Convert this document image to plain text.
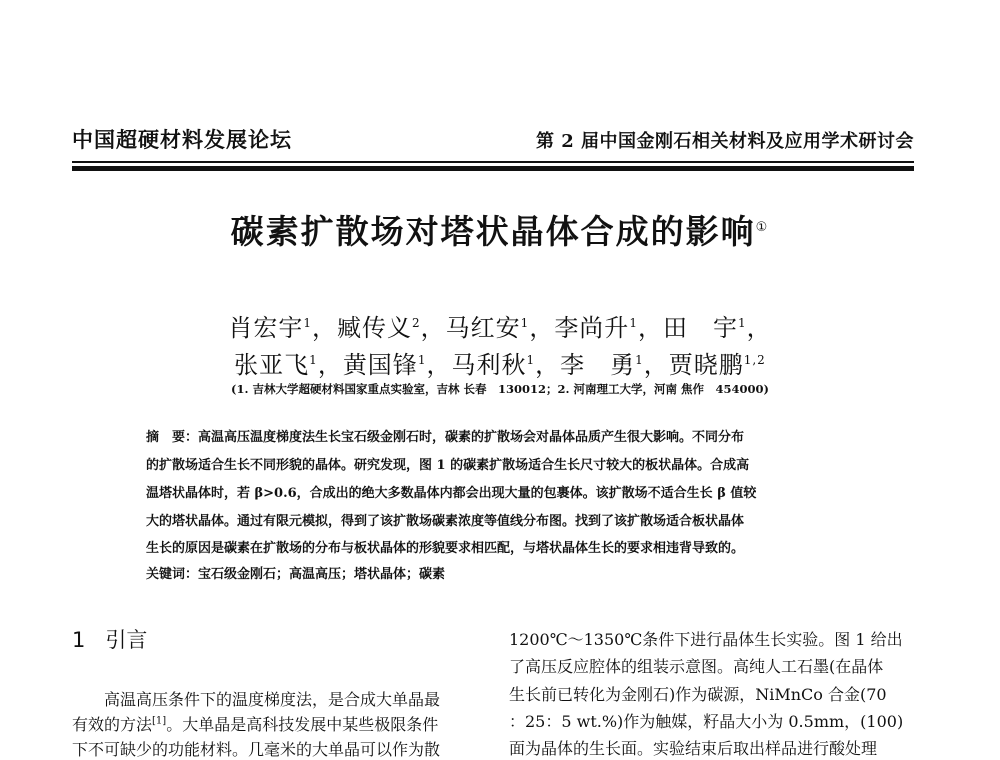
中国超硬材料发展论坛	第 2 届中国金刚石相关材料及应用学术研讨会
碳素扩散场对塔状晶体合成的影响①
肖宏宇$^1$，臧传义$^2$，马红安$^1$，李尚升$^1$，田　宇$^1$，
张亚飞$^1$，黄国锋$^1$，马利秋$^1$，李　勇$^1$，贾晓鹏$^{1,2}$
(1. 吉林大学超硬材料国家重点实验室，吉林 长春　130012；2. 河南理工大学，河南 焦作　454000)
摘　要：高温高压温度梯度法生长宝石级金刚石时，碳素的扩散场会对晶体品质产生很大影响。不同分布
的扩散场适合生长不同形貌的晶体。研究发现，图 1 的碳素扩散场适合生长尺寸较大的板状晶体。合成高
温塔状晶体时，若 β>0.6，合成出的绝大多数晶体内都会出现大量的包裹体。该扩散场不适合生长 β 值较
大的塔状晶体。通过有限元模拟，得到了该扩散场碳素浓度等值线分布图。找到了该扩散场适合板状晶体
生长的原因是碳素在扩散场的分布与板状晶体的形貌要求相匹配，与塔状晶体生长的要求相违背导致的。
关键词：宝石级金刚石；高温高压；塔状晶体；碳素
1 引言
　　高温高压条件下的温度梯度法，是合成大单晶最
有效的方法[1]。大单晶是高科技发展中某些极限条件
下不可缺少的功能材料。几毫米的大单晶可以作为散
1200℃～1350℃条件下进行晶体生长实验。图 1 给出
了高压反应腔体的组装示意图。高纯人工石墨(在晶体
生长前已转化为金刚石)作为碳源，NiMnCo 合金(70
：25：5 wt.%)作为触媒，籽晶大小为 0.5mm，(100)
面为晶体的生长面。实验结束后取出样品进行酸处理
